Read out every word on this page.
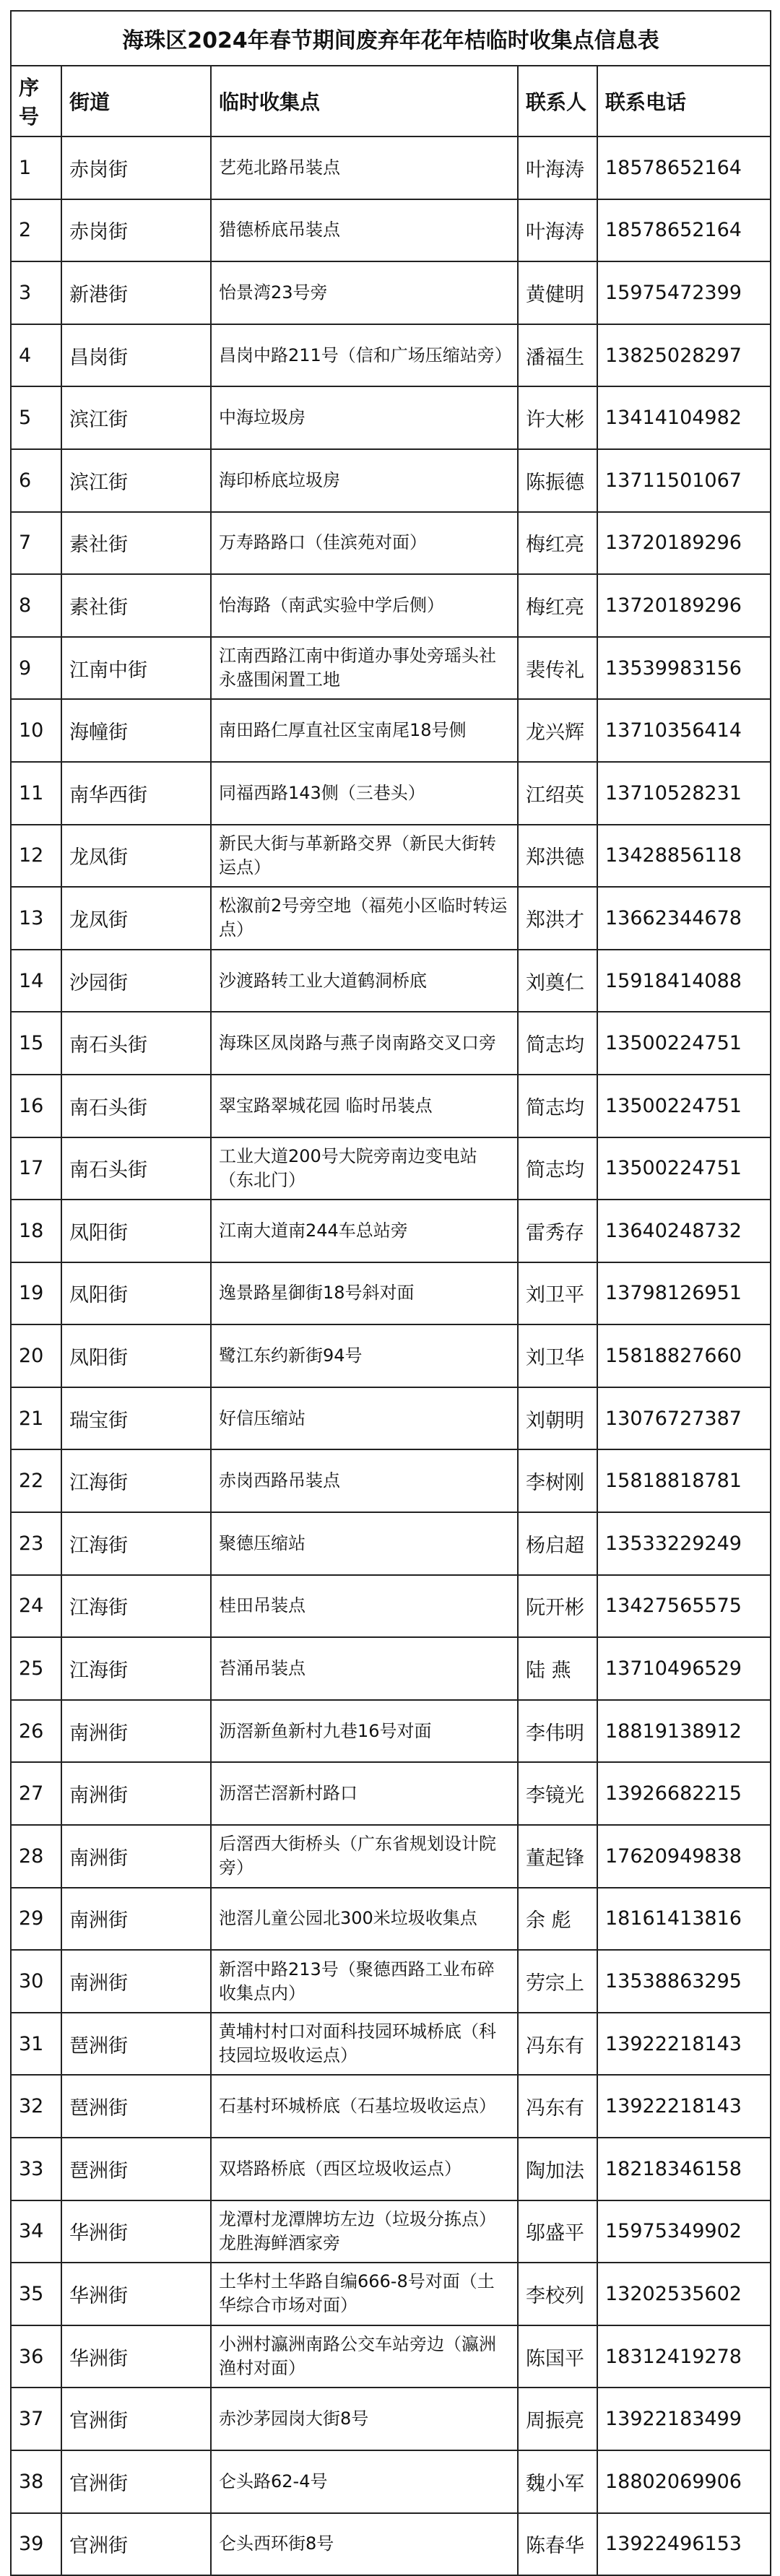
海珠区2024年春节期间废弃年花年桔临时收集点信息表				
序号	街道	临时收集点	联系人	联系电话
1	赤岗街	艺苑北路吊装点	叶海涛	18578652164
2	赤岗街	猎德桥底吊装点	叶海涛	18578652164
3	新港街	怡景湾23号旁	黄健明	15975472399
4	昌岗街	昌岗中路211号（信和广场压缩站旁）	潘福生	13825028297
5	滨江街	中海垃圾房	许大彬	13414104982
6	滨江街	海印桥底垃圾房	陈振德	13711501067
7	素社街	万寿路路口（佳滨苑对面）	梅红亮	13720189296
8	素社街	怡海路（南武实验中学后侧）	梅红亮	13720189296
9	江南中街	江南西路江南中街道办事处旁瑶头社永盛围闲置工地	裴传礼	13539983156
10	海幢街	南田路仁厚直社区宝南尾18号侧	龙兴辉	13710356414
11	南华西街	同福西路143侧（三巷头）	江绍英	13710528231
12	龙凤街	新民大街与革新路交界（新民大街转运点）	郑洪德	13428856118
13	龙凤街	松溆前2号旁空地（福苑小区临时转运点）	郑洪才	13662344678
14	沙园街	沙渡路转工业大道鹤洞桥底	刘奠仁	15918414088
15	南石头街	海珠区凤岗路与燕子岗南路交叉口旁	简志均	13500224751
16	南石头街	翠宝路翠城花园 临时吊装点	简志均	13500224751
17	南石头街	工业大道200号大院旁南边变电站（东北门）	简志均	13500224751
18	凤阳街	江南大道南244车总站旁	雷秀存	13640248732
19	凤阳街	逸景路星御街18号斜对面	刘卫平	13798126951
20	凤阳街	鹭江东约新街94号	刘卫华	15818827660
21	瑞宝街	好信压缩站	刘朝明	13076727387
22	江海街	赤岗西路吊装点	李树刚	15818818781
23	江海街	聚德压缩站	杨启超	13533229249
24	江海街	桂田吊装点	阮开彬	13427565575
25	江海街	苔涌吊装点	陆 燕	13710496529
26	南洲街	沥滘新鱼新村九巷16号对面	李伟明	18819138912
27	南洲街	沥滘芒滘新村路口	李镜光	13926682215
28	南洲街	后滘西大街桥头（广东省规划设计院旁）	董起锋	17620949838
29	南洲街	池滘儿童公园北300米垃圾收集点	余 彪	18161413816
30	南洲街	新滘中路213号（聚德西路工业布碎收集点内）	劳宗上	13538863295
31	琶洲街	黄埔村村口对面科技园环城桥底（科技园垃圾收运点）	冯东有	13922218143
32	琶洲街	石基村环城桥底（石基垃圾收运点）	冯东有	13922218143
33	琶洲街	双塔路桥底（西区垃圾收运点）	陶加法	18218346158
34	华洲街	龙潭村龙潭牌坊左边（垃圾分拣点）龙胜海鲜酒家旁	邬盛平	15975349902
35	华洲街	土华村土华路自编666-8号对面（土华综合市场对面）	李校列	13202535602
36	华洲街	小洲村瀛洲南路公交车站旁边（瀛洲渔村对面）	陈国平	18312419278
37	官洲街	赤沙茅园岗大街8号	周振亮	13922183499
38	官洲街	仑头路62-4号	魏小军	18802069906
39	官洲街	仑头西环街8号	陈春华	13922496153
